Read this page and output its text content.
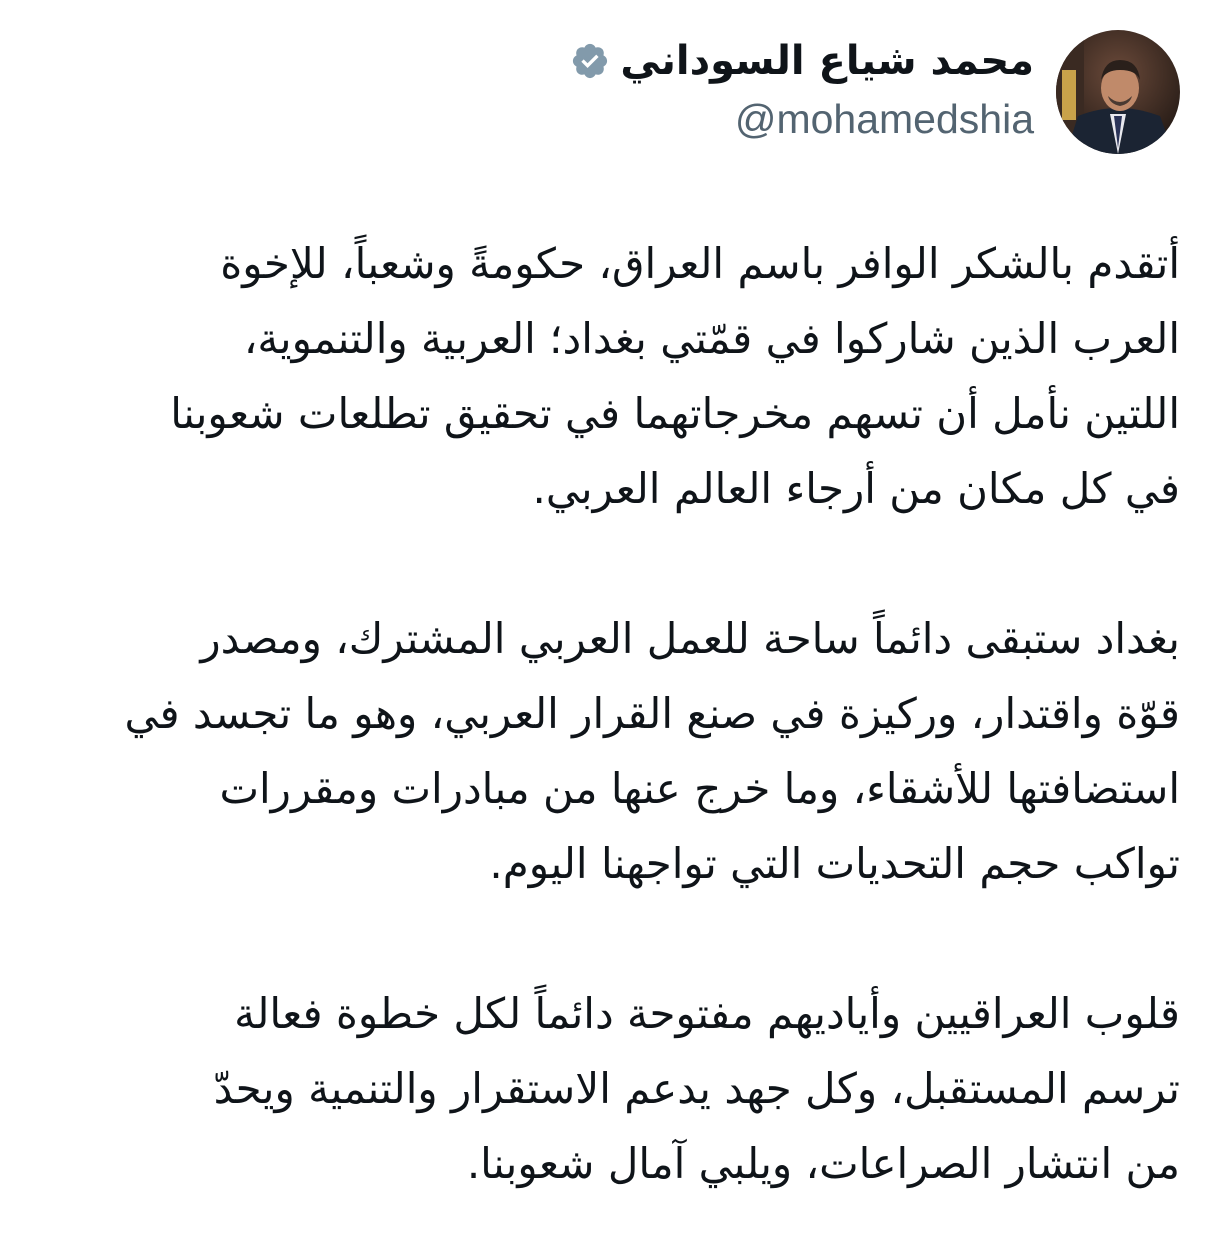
محمد شياع السوداني
@mohamedshia

أتقدم بالشكر الوافر باسم العراق، حكومةً وشعباً، للإخوة
العرب الذين شاركوا في قمّتي بغداد؛ العربية والتنموية،
اللتين نأمل أن تسهم مخرجاتهما في تحقيق تطلعات شعوبنا
في كل مكان من أرجاء العالم العربي.

بغداد ستبقى دائماً ساحة للعمل العربي المشترك، ومصدر
قوّة واقتدار، وركيزة في صنع القرار العربي، وهو ما تجسد في
استضافتها للأشقاء، وما خرج عنها من مبادرات ومقررات
تواكب حجم التحديات التي تواجهنا اليوم.

قلوب العراقيين وأياديهم مفتوحة دائماً لكل خطوة فعالة
ترسم المستقبل، وكل جهد يدعم الاستقرار والتنمية ويحدّ
من انتشار الصراعات، ويلبي آمال شعوبنا.
